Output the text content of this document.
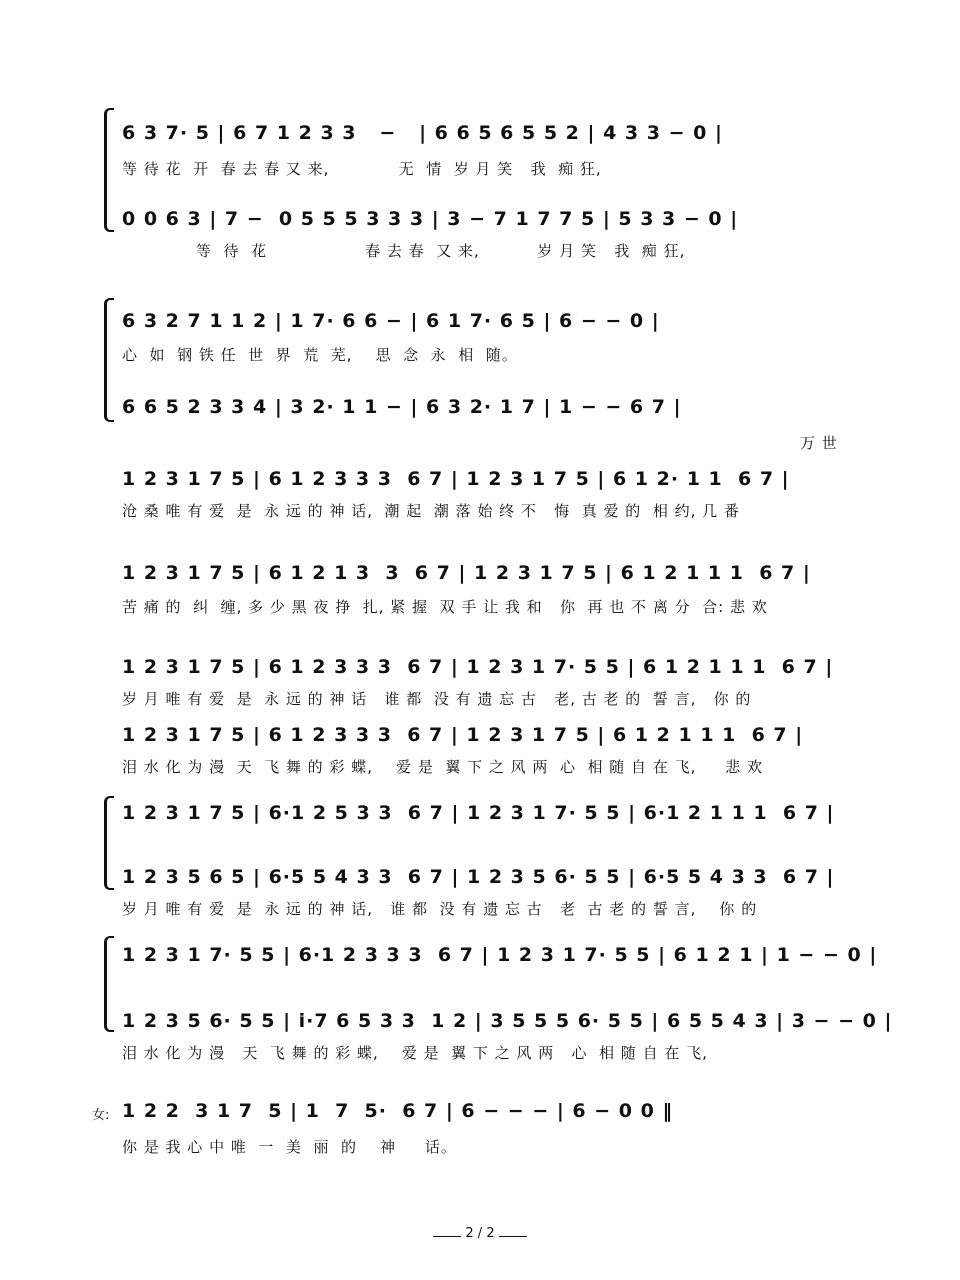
6 3 7· 5 | 6 7 1 2 3 3   −   | 6 6 5 6 5 5 2 | 4 3 3 − 0 |
等 待 花  开  春 去 春 又 来,            无  情  岁 月 笑   我  痴 狂,
0 0 6 3 | 7 −  0 5 5 5 3 3 3 | 3 − 7 1 7 7 5 | 5 3 3 − 0 |
等  待  花                 春 去 春  又 来,          岁 月 笑   我  痴 狂,
6 3 2 7 1 1 2 | 1 7· 6 6 − | 6 1 7· 6 5 | 6 − − 0 |
心  如  钢 铁 任  世  界  荒  芜,    思  念  永  相  随。
6 6 5 2 3 3 4 | 3 2· 1 1 − | 6 3 2· 1 7 | 1 − − 6 7 |
万 世
1 2 3 1 7 5 | 6 1 2 3 3 3  6 7 | 1 2 3 1 7 5 | 6 1 2· 1 1  6 7 |
沧 桑 唯 有 爱  是  永 远 的 神 话,  潮 起  潮 落 始 终 不   悔  真 爱 的  相 约, 几 番
1 2 3 1 7 5 | 6 1 2 1 3  3  6 7 | 1 2 3 1 7 5 | 6 1 2 1 1 1  6 7 |
苦 痛 的  纠  缠, 多 少 黑 夜 挣  扎, 紧 握  双 手 让 我 和   你  再 也 不 离 分  合: 悲 欢
1 2 3 1 7 5 | 6 1 2 3 3 3  6 7 | 1 2 3 1 7· 5 5 | 6 1 2 1 1 1  6 7 |
岁 月 唯 有 爱  是  永 远 的 神 话   谁 都  没 有 遗 忘 古   老, 古 老 的  誓 言,   你 的
1 2 3 1 7 5 | 6 1 2 3 3 3  6 7 | 1 2 3 1 7 5 | 6 1 2 1 1 1  6 7 |
泪 水 化 为 漫  天  飞 舞 的 彩 蝶,    爱 是  翼 下 之 风 两  心  相 随 自 在 飞,     悲 欢
1 2 3 1 7 5 | 6·1 2 5 3 3  6 7 | 1 2 3 1 7· 5 5 | 6·1 2 1 1 1  6 7 |
1 2 3 5 6 5 | 6·5 5 4 3 3  6 7 | 1 2 3 5 6· 5 5 | 6·5 5 4 3 3  6 7 |
岁 月 唯 有 爱  是  永 远 的 神 话,   谁 都  没 有 遗 忘 古   老  古 老 的 誓 言,    你 的
1 2 3 1 7· 5 5 | 6·1 2 3 3 3  6 7 | 1 2 3 1 7· 5 5 | 6 1 2 1 | 1 − − 0 |
1 2 3 5 6· 5 5 | i·7 6 5 3 3  1 2 | 3 5 5 5 6· 5 5 | 6 5 5 4 3 | 3 − − 0 |
泪 水 化 为 漫   天  飞 舞 的 彩 蝶,    爱 是  翼 下 之 风 两   心  相 随 自 在 飞,
女: 1 2 2  3 1 7  5 | 1  7  5·  6 7 | 6 − − − | 6 − 0 0 ‖
你 是 我 心 中 唯  一  美  丽  的    神     话。
2 / 2
